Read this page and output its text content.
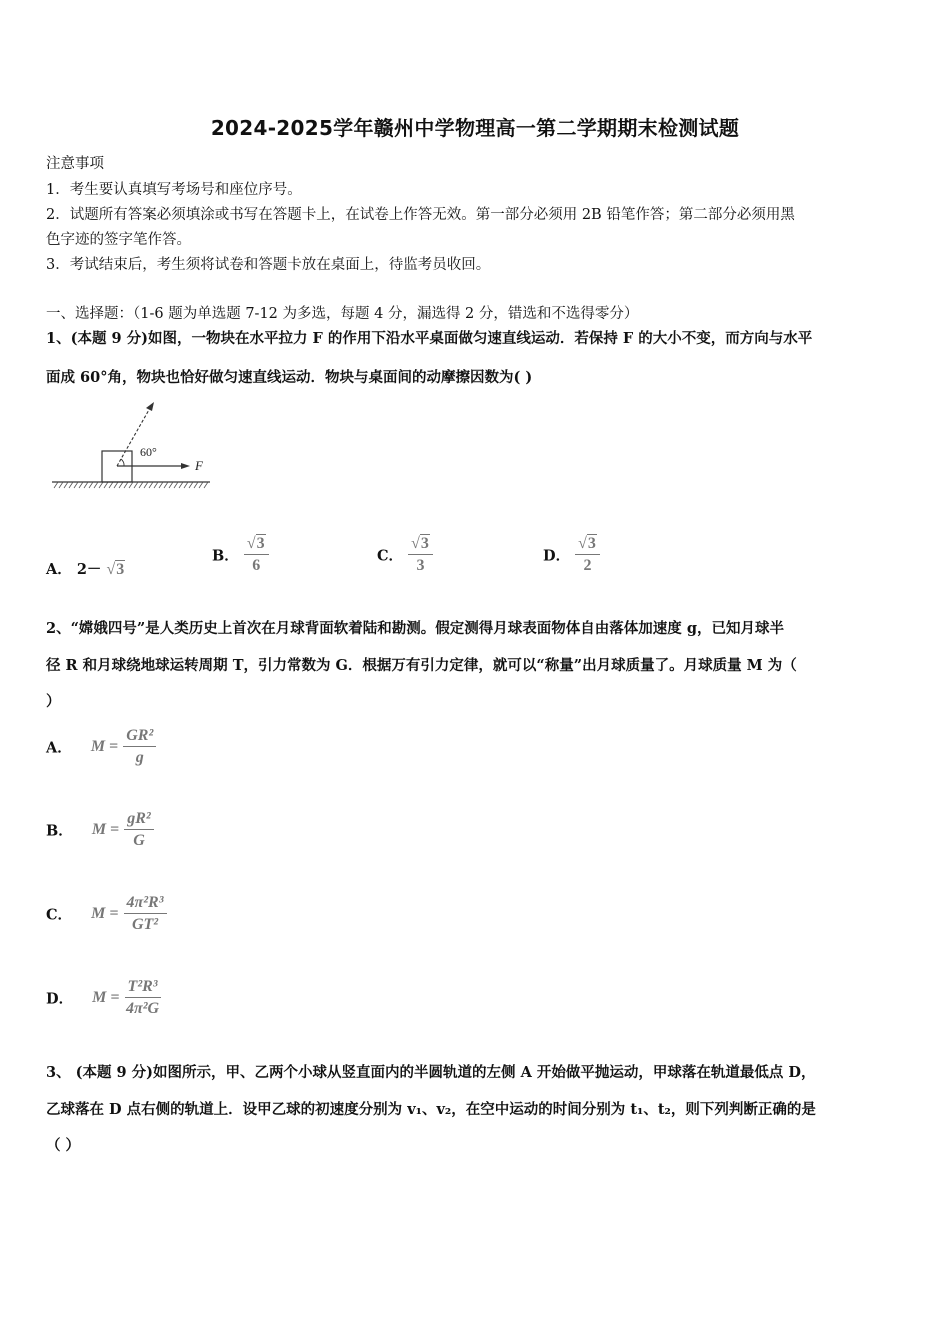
2024-2025学年赣州中学物理高一第二学期期末检测试题
注意事项
1．考生要认真填写考场号和座位序号。
2．试题所有答案必须填涂或书写在答题卡上，在试卷上作答无效。第一部分必须用 2B 铅笔作答；第二部分必须用黑
色字迹的签字笔作答。
3．考试结束后，考生须将试卷和答题卡放在桌面上，待监考员收回。
一、选择题：（1-6 题为单选题 7-12 为多选，每题 4 分，漏选得 2 分，错选和不选得零分）
1、(本题 9 分)如图，一物块在水平拉力 F 的作用下沿水平桌面做匀速直线运动．若保持 F 的大小不变，而方向与水平
面成 60°角，物块也恰好做匀速直线运动．物块与桌面间的动摩擦因数为( )
60°
F
A． 2－ √3
B． $\frac{√3}{6}$	C． $\frac{√3}{3}$	D． $\frac{√3}{2}$
2、“嫦娥四号”是人类历史上首次在月球背面软着陆和勘测。假定测得月球表面物体自由落体加速度 g，已知月球半
径 R 和月球绕地球运转周期 T，引力常数为 G．根据万有引力定律，就可以“称量”出月球质量了。月球质量 M 为（
）
A． $M = \frac{\text{GR²}}{g}$
B． $M = \frac{\text{gR²}}{G}$
C． $M = \frac{\text{4π²R³}}{\text{GT²}}$
D． $M = \frac{\text{T²R³}}{\text{4π²G}}$
3、 (本题 9 分)如图所示，甲、乙两个小球从竖直面内的半圆轨道的左侧 A 开始做平抛运动，甲球落在轨道最低点 D，
乙球落在 D 点右侧的轨道上．设甲乙球的初速度分别为 v₁、v₂，在空中运动的时间分别为 t₁、t₂，则下列判断正确的是
（ ）
